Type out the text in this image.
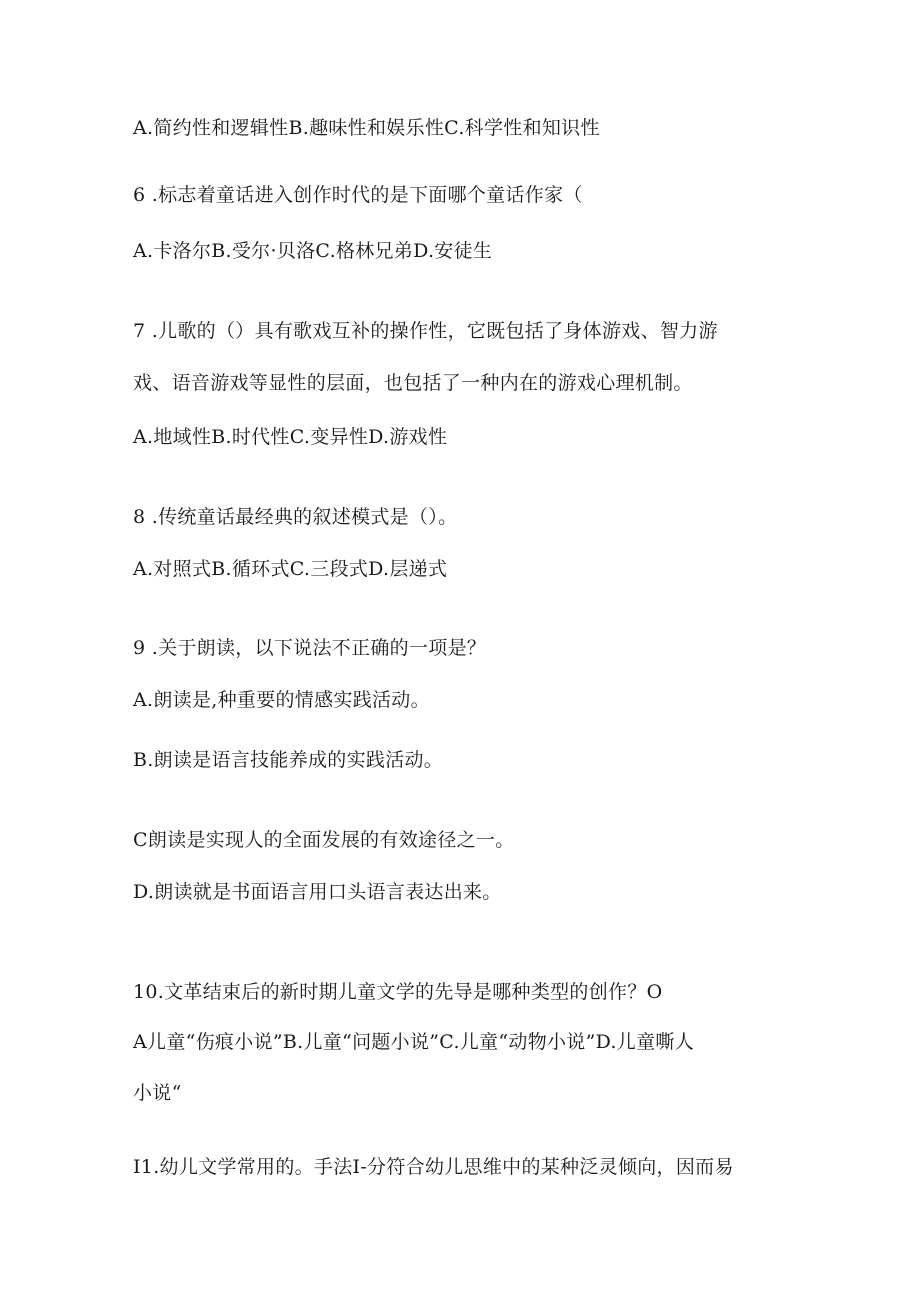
A.简约性和逻辑性B.趣味性和娱乐性C.科学性和知识性
6 .标志着童话进入创作时代的是下面哪个童话作家（
A.卡洛尔B.受尔·贝洛C.格林兄弟D.安徒生
7 .儿歌的（）具有歌戏互补的操作性，它既包括了身体游戏、智力游
戏、语音游戏等显性的层面，也包括了一种内在的游戏心理机制。
A.地域性B.时代性C.变异性D.游戏性
8 .传统童话最经典的叙述模式是（）。
A.对照式B.循环式C.三段式D.层递式
9 .关于朗读，以下说法不正确的一项是？
A.朗读是,种重要的情感实践活动。
B.朗读是语言技能养成的实践活动。
C朗读是实现人的全面发展的有效途径之一。
D.朗读就是书面语言用口头语言表达出来。
10.文革结束后的新时期儿童文学的先导是哪种类型的创作？O
A儿童“伤痕小说”B.儿童“问题小说”C.儿童“动物小说”D.儿童嘶人
小说“
I1.幼儿文学常用的。手法I-分符合幼儿思维中的某种泛灵倾向，因而易
